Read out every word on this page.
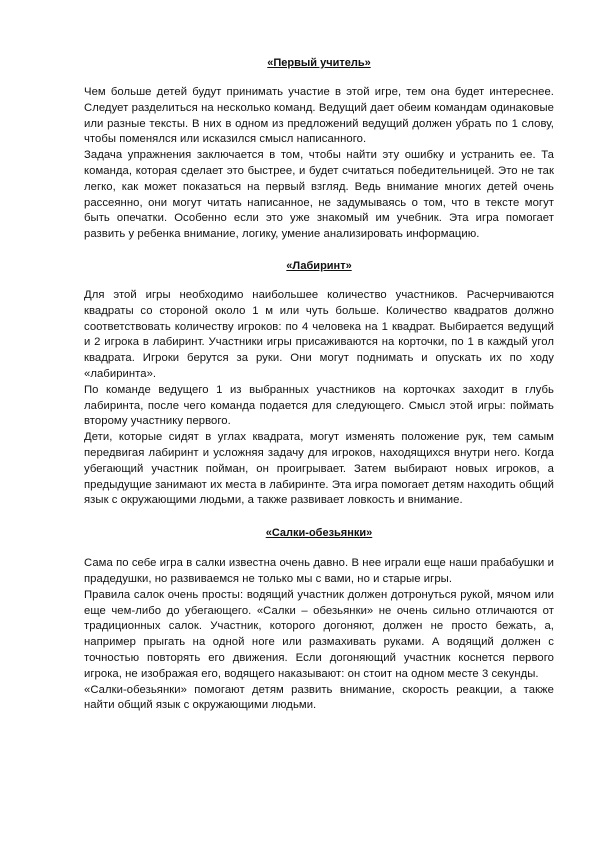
«Первый учитель»

Чем больше детей будут принимать участие в этой игре, тем она будет интереснее. Следует разделиться на несколько команд. Ведущий дает обеим командам одинаковые или разные тексты. В них в одном из предложений ведущий должен убрать по 1 слову, чтобы поменялся или исказился смысл написанного.

Задача упражнения заключается в том, чтобы найти эту ошибку и устранить ее. Та команда, которая сделает это быстрее, и будет считаться победительницей. Это не так легко, как может показаться на первый взгляд. Ведь внимание многих детей очень рассеянно, они могут читать написанное, не задумываясь о том, что в тексте могут быть опечатки. Особенно если это уже знакомый им учебник. Эта игра помогает развить у ребенка внимание, логику, умение анализировать информацию.

«Лабиринт»

Для этой игры необходимо наибольшее количество участников. Расчерчиваются квадраты со стороной около 1 м или чуть больше. Количество квадратов должно соответствовать количеству игроков: по 4 человека на 1 квадрат. Выбирается ведущий и 2 игрока в лабиринт. Участники игры присаживаются на корточки, по 1 в каждый угол квадрата. Игроки берутся за руки. Они могут поднимать и опускать их по ходу «лабиринта».

По команде ведущего 1 из выбранных участников на корточках заходит в глубь лабиринта, после чего команда подается для следующего. Смысл этой игры: поймать второму участнику первого.

Дети, которые сидят в углах квадрата, могут изменять положение рук, тем самым передвигая лабиринт и усложняя задачу для игроков, находящихся внутри него. Когда убегающий участник пойман, он проигрывает. Затем выбирают новых игроков, а предыдущие занимают их места в лабиринте. Эта игра помогает детям находить общий язык с окружающими людьми, а также развивает ловкость и внимание.

«Салки-обезьянки»

Сама по себе игра в салки известна очень давно. В нее играли еще наши прабабушки и прадедушки, но развиваемся не только мы с вами, но и старые игры.

Правила салок очень просты: водящий участник должен дотронуться рукой, мячом или еще чем-либо до убегающего. «Салки – обезьянки» не очень сильно отличаются от традиционных салок. Участник, которого догоняют, должен не просто бежать, а, например прыгать на одной ноге или размахивать руками. А водящий должен с точностью повторять его движения. Если догоняющий участник коснется первого игрока, не изображая его, водящего наказывают: он стоит на одном месте 3 секунды.

«Салки-обезьянки» помогают детям развить внимание, скорость реакции, а также найти общий язык с окружающими людьми.
